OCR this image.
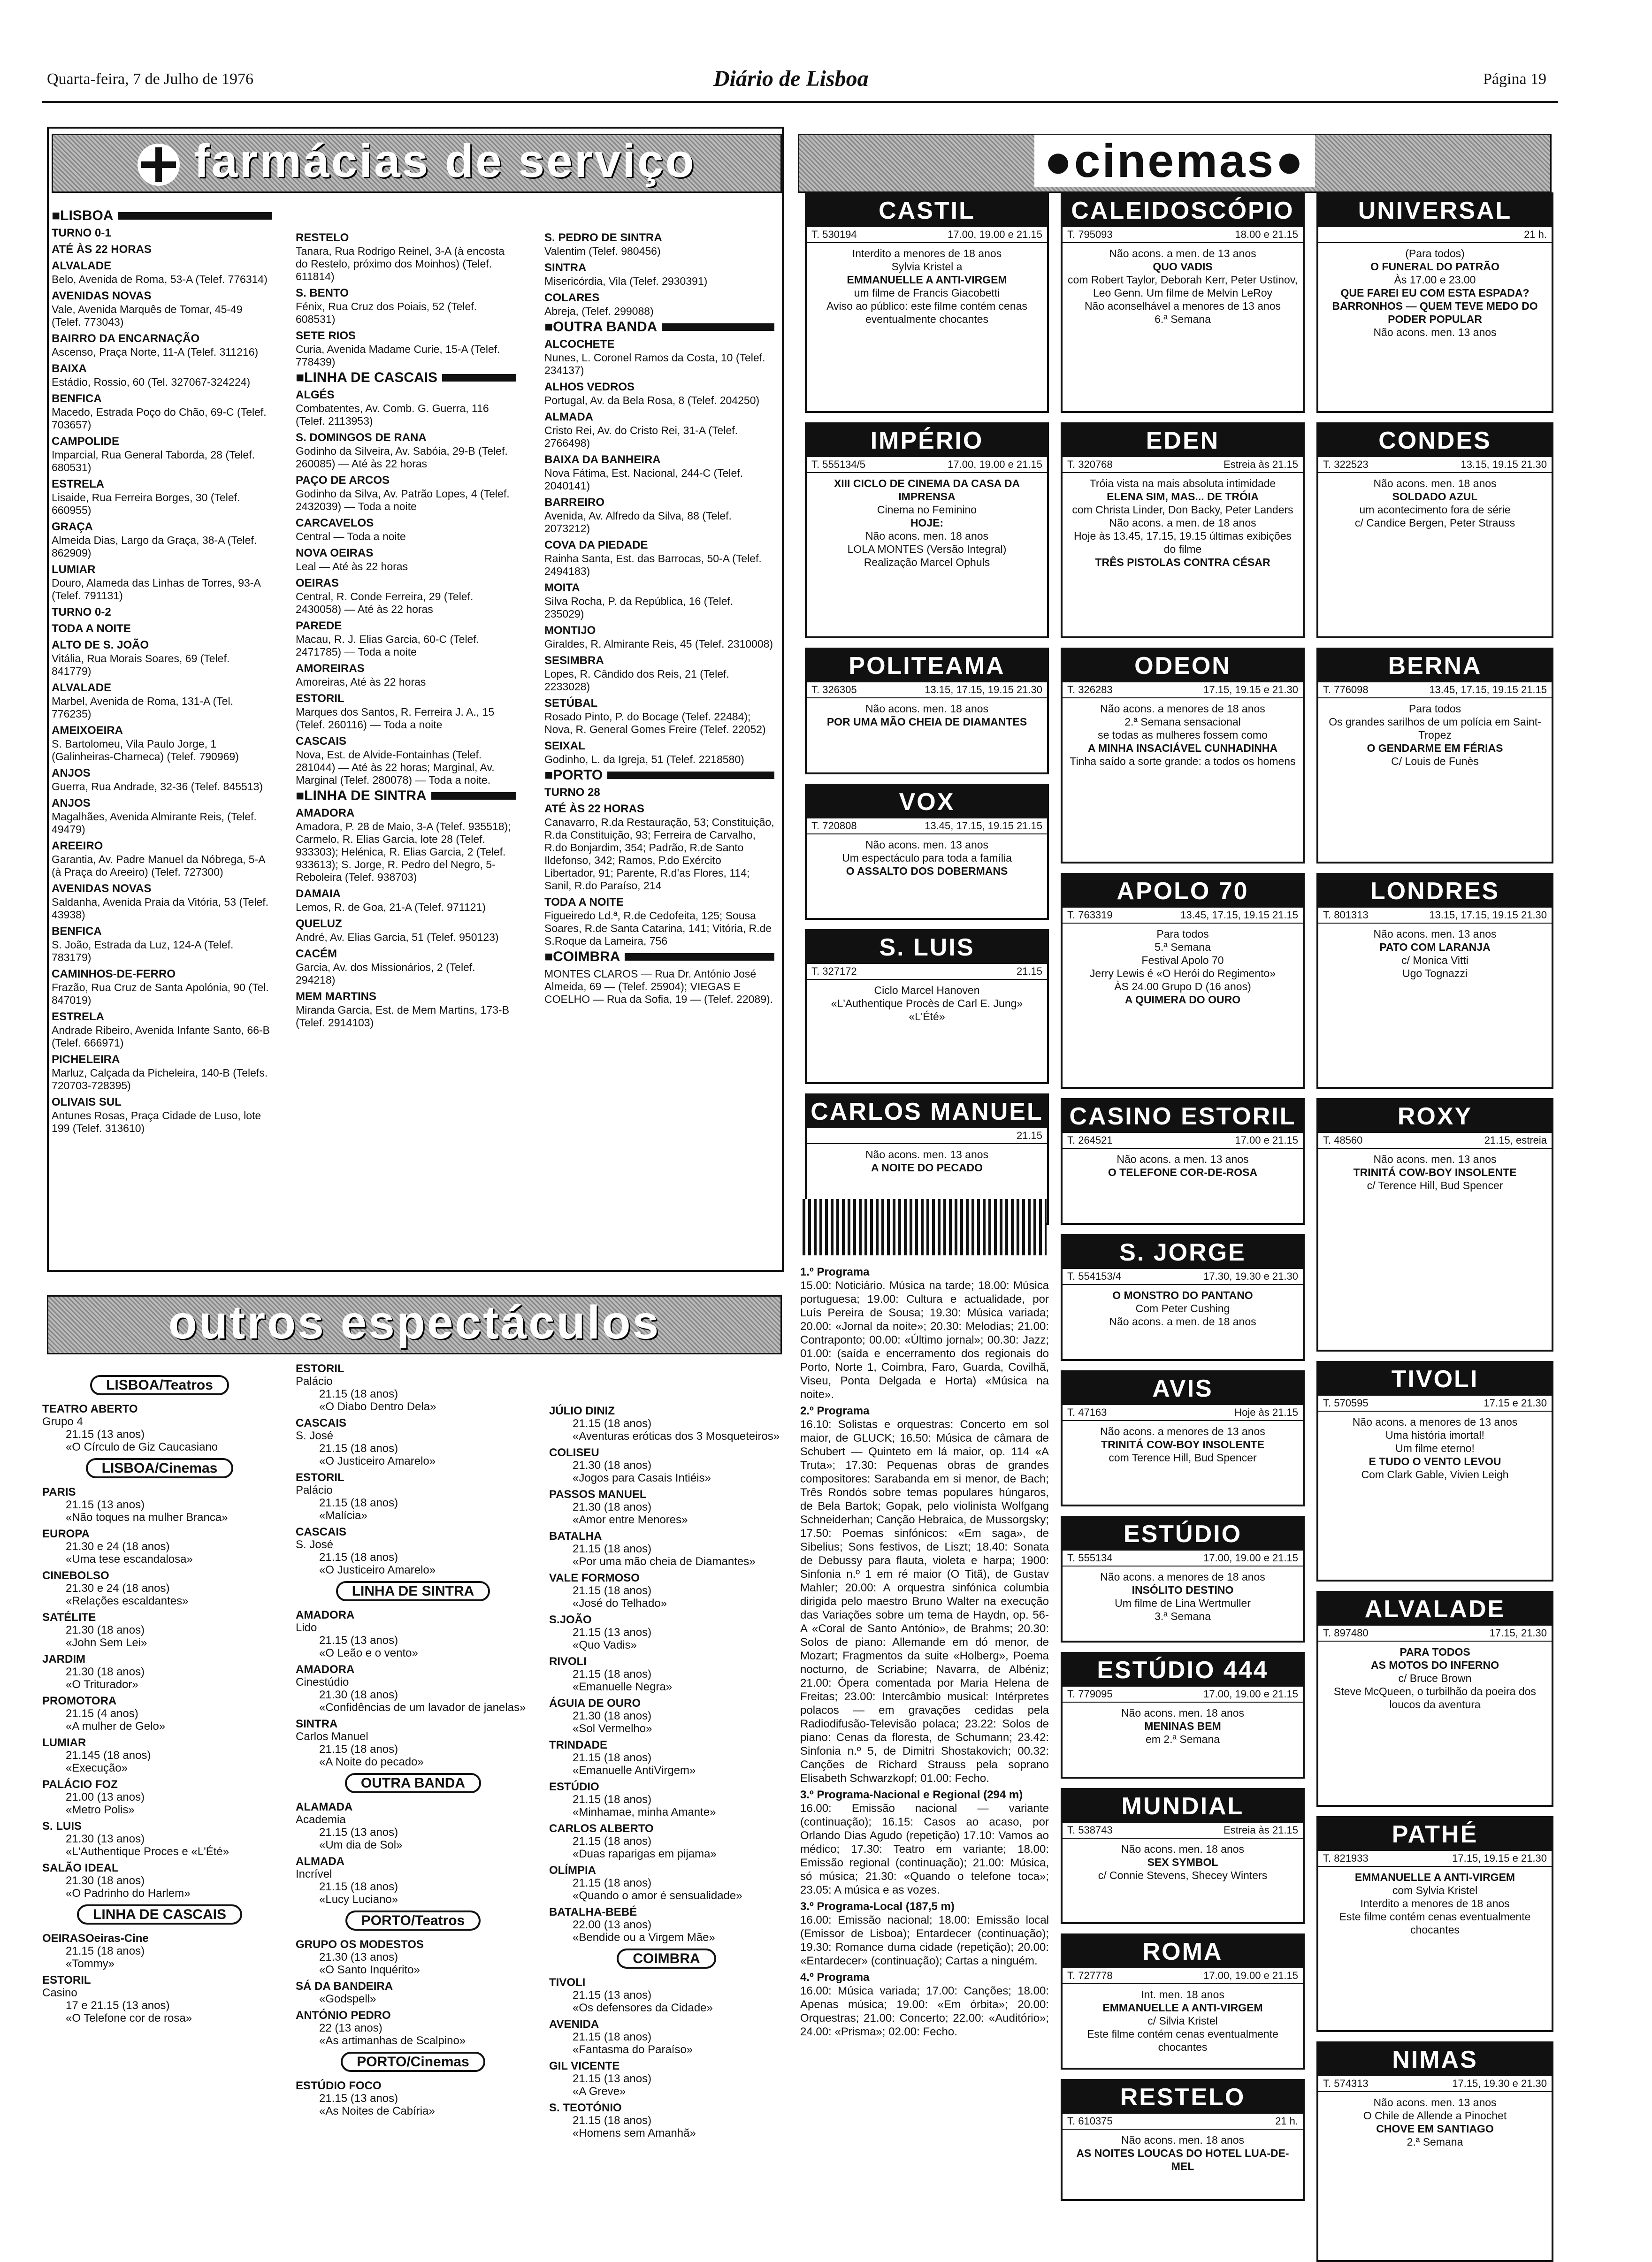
Quarta-feira, 7 de Julho de 1976	Diário de Lisboa	Página 19
farmácias de serviço
■ LISBOA
TURNO 0-1
ATÉ ÀS 22 HORAS
ALVALADE
Belo, Avenida de Roma, 53-A (Telef. 776314)
AVENIDAS NOVAS
Vale, Avenida Marquês de Tomar, 45-49 (Telef. 773043)
BAIRRO DA ENCARNAÇÃO
Ascenso, Praça Norte, 11-A (Telef. 311216)
BAIXA
Estádio, Rossio, 60 (Tel. 327067-324224)
BENFICA
Macedo, Estrada Poço do Chão, 69-C (Telef. 703657)
CAMPOLIDE
Imparcial, Rua General Taborda, 28 (Telef. 680531)
ESTRELA
Lisaide, Rua Ferreira Borges, 30 (Telef. 660955)
GRAÇA
Almeida Dias, Largo da Graça, 38-A (Telef. 862909)
LUMIAR
Douro, Alameda das Linhas de Torres, 93-A (Telef. 791131)
TURNO 0-2
TODA A NOITE
ALTO DE S. JOÃO
Vitália, Rua Morais Soares, 69 (Telef. 841779)
ALVALADE
Marbel, Avenida de Roma, 131-A (Tel. 776235)
AMEIXOEIRA
S. Bartolomeu, Vila Paulo Jorge, 1 (Galinheiras-Charneca) (Telef. 790969)
ANJOS
Guerra, Rua Andrade, 32-36 (Telef. 845513)
ANJOS
Magalhães, Avenida Almirante Reis, (Telef. 49479)
AREEIRO
Garantia, Av. Padre Manuel da Nóbrega, 5-A (à Praça do Areeiro) (Telef. 727300)
AVENIDAS NOVAS
Saldanha, Avenida Praia da Vitória, 53 (Telef. 43938)
BENFICA
S. João, Estrada da Luz, 124-A (Telef. 783179)
CAMINHOS-DE-FERRO
Frazão, Rua Cruz de Santa Apolónia, 90 (Tel. 847019)
ESTRELA
Andrade Ribeiro, Avenida Infante Santo, 66-B (Telef. 666971)
PICHELEIRA
Marluz, Calçada da Picheleira, 140-B (Telefs. 720703-728395)
OLIVAIS SUL
Antunes Rosas, Praça Cidade de Luso, lote 199 (Telef. 313610)
RESTELO
Tanara, Rua Rodrigo Reinel, 3-A (à encosta do Restelo, próximo dos Moinhos) (Telef. 611814)
S. BENTO
Fénix, Rua Cruz dos Poiais, 52 (Telef. 608531)
SETE RIOS
Curia, Avenida Madame Curie, 15-A (Telef. 778439)
■ LINHA DE CASCAIS
ALGÉS
Combatentes, Av. Comb. G. Guerra, 116 (Telef. 2113953)
S. DOMINGOS DE RANA
Godinho da Silveira, Av. Sabóia, 29-B (Telef. 260085) — Até às 22 horas
PAÇO DE ARCOS
Godinho da Silva, Av. Patrão Lopes, 4 (Telef. 2432039) — Toda a noite
CARCAVELOS
Central — Toda a noite
NOVA OEIRAS
Leal — Até às 22 horas
OEIRAS
Central, R. Conde Ferreira, 29 (Telef. 2430058) — Até às 22 horas
PAREDE
Macau, R. J. Elias Garcia, 60-C (Telef. 2471785) — Toda a noite
AMOREIRAS
Amoreiras, Até às 22 horas
ESTORIL
Marques dos Santos, R. Ferreira J. A., 15 (Telef. 260116) — Toda a noite
CASCAIS
Nova, Est. de Alvide-Fontainhas (Telef. 281044) — Até às 22 horas; Marginal, Av. Marginal (Telef. 280078) — Toda a noite.
■ LINHA DE SINTRA
AMADORA
Amadora, P. 28 de Maio, 3-A (Telef. 935518); Carmelo, R. Elias Garcia, lote 28 (Telef. 933303); Helénica, R. Elias Garcia, 2 (Telef. 933613); S. Jorge, R. Pedro del Negro, 5-Reboleira (Telef. 938703)
DAMAIA
Lemos, R. de Goa, 21-A (Telef. 971121)
QUELUZ
André, Av. Elias Garcia, 51 (Telef. 950123)
CACÉM
Garcia, Av. dos Missionários, 2 (Telef. 294218)
MEM MARTINS
Miranda Garcia, Est. de Mem Martins, 173-B (Telef. 2914103)
S. PEDRO DE SINTRA
Valentim (Telef. 980456)
SINTRA
Misericórdia, Vila (Telef. 2930391)
COLARES
Abreja, (Telef. 299088)
■ OUTRA BANDA
ALCOCHETE
Nunes, L. Coronel Ramos da Costa, 10 (Telef. 234137)
ALHOS VEDROS
Portugal, Av. da Bela Rosa, 8 (Telef. 204250)
ALMADA
Cristo Rei, Av. do Cristo Rei, 31-A (Telef. 2766498)
BAIXA DA BANHEIRA
Nova Fátima, Est. Nacional, 244-C (Telef. 2040141)
BARREIRO
Avenida, Av. Alfredo da Silva, 88 (Telef. 2073212)
COVA DA PIEDADE
Rainha Santa, Est. das Barrocas, 50-A (Telef. 2494183)
MOITA
Silva Rocha, P. da República, 16 (Telef. 235029)
MONTIJO
Giraldes, R. Almirante Reis, 45 (Telef. 2310008)
SESIMBRA
Lopes, R. Cândido dos Reis, 21 (Telef. 2233028)
SETÚBAL
Rosado Pinto, P. do Bocage (Telef. 22484); Nova, R. General Gomes Freire (Telef. 22052)
SEIXAL
Godinho, L. da Igreja, 51 (Telef. 2218580)
■ PORTO
TURNO 28
ATÉ ÀS 22 HORAS
Canavarro, R.da Restauração, 53; Constituição, R.da Constituição, 93; Ferreira de Carvalho, R.do Bonjardim, 354; Padrão, R.de Santo Ildefonso, 342; Ramos, P.do Exército Libertador, 91; Parente, R.d'as Flores, 114; Sanil, R.do Paraíso, 214
TODA A NOITE
Figueiredo Ld.ª, R.de Cedofeita, 125; Sousa Soares, R.de Santa Catarina, 141; Vitória, R.de S.Roque da Lameira, 756
■ COIMBRA
MONTES CLAROS — Rua Dr. António José Almeida, 69 — (Telef. 25904); VIEGAS E COELHO — Rua da Sofia, 19 — (Telef. 22089).
●cinemas●
CASTIL
T. 530194	17.00, 19.00 e 21.15
Interdito a menores de 18 anos
Sylvia Kristel a
EMMANUELLE A ANTI-VIRGEM
um filme de Francis Giacobetti
Aviso ao público: este filme contém cenas eventualmente chocantes
IMPÉRIO
T. 555134/5	17.00, 19.00 e 21.15
XIII CICLO DE CINEMA DA CASA DA IMPRENSA
Cinema no Feminino
HOJE:
Não acons. men. 18 anos
LOLA MONTES (Versão Integral)
Realização Marcel Ophuls
POLITEAMA
T. 326305	13.15, 17.15, 19.15 21.30
Não acons. men. 18 anos
POR UMA MÃO CHEIA DE DIAMANTES
VOX
T. 720808	13.45, 17.15, 19.15 21.15
Não acons. men. 13 anos
Um espectáculo para toda a família
O ASSALTO DOS DOBERMANS
S. LUIS
T. 327172	21.15
Ciclo Marcel Hanoven
«L'Authentique Procès de Carl E. Jung»
«L'Été»
CARLOS MANUEL
21.15
Não acons. men. 13 anos
A NOITE DO PECADO
CALEIDOSCÓPIO
T. 795093	18.00 e 21.15
Não acons. a men. de 13 anos
QUO VADIS
com Robert Taylor, Deborah Kerr, Peter Ustinov, Leo Genn. Um filme de Melvin LeRoy
Não aconselhável a menores de 13 anos
6.ª Semana
EDEN
T. 320768	Estreia às 21.15
Tróia vista na mais absoluta intimidade
ELENA SIM, MAS... DE TRÓIA
com Christa Linder, Don Backy, Peter Landers
Não acons. a men. de 18 anos
Hoje às 13.45, 17.15, 19.15 últimas exibições do filme
TRÊS PISTOLAS CONTRA CÉSAR
ODEON
T. 326283	17.15, 19.15 e 21.30
Não acons. a menores de 18 anos
2.ª Semana sensacional
se todas as mulheres fossem como
A MINHA INSACIÁVEL CUNHADINHA
Tinha saído a sorte grande: a todos os homens
APOLO 70
T. 763319	13.45, 17.15, 19.15 21.15
Para todos
5.ª Semana
Festival Apolo 70
Jerry Lewis é «O Herói do Regimento»
ÀS 24.00 Grupo D (16 anos)
A QUIMERA DO OURO
CASINO ESTORIL
T. 264521	17.00 e 21.15
Não acons. a men. 13 anos
O TELEFONE COR-DE-ROSA
S. JORGE
T. 554153/4	17.30, 19.30 e 21.30
O MONSTRO DO PANTANO
Com Peter Cushing
Não acons. a men. de 18 anos
AVIS
T. 47163	Hoje às 21.15
Não acons. a menores de 13 anos
TRINITÁ COW-BOY INSOLENTE
com Terence Hill, Bud Spencer
ESTÚDIO
T. 555134	17.00, 19.00 e 21.15
Não acons. a menores de 18 anos
INSÓLITO DESTINO
Um filme de Lina Wertmuller
3.ª Semana
ESTÚDIO 444
T. 779095	17.00, 19.00 e 21.15
Não acons. men. 18 anos
MENINAS BEM
em 2.ª Semana
MUNDIAL
T. 538743	Estreia às 21.15
Não acons. men. 18 anos
SEX SYMBOL
c/ Connie Stevens, Shecey Winters
ROMA
T. 727778	17.00, 19.00 e 21.15
Int. men. 18 anos
EMMANUELLE A ANTI-VIRGEM
c/ Silvia Kristel
Este filme contém cenas eventualmente chocantes
RESTELO
T. 610375	21 h.
Não acons. men. 18 anos
AS NOITES LOUCAS DO HOTEL LUA-DE-MEL
UNIVERSAL
21 h.
(Para todos)
O FUNERAL DO PATRÃO
Às 17.00 e 23.00
QUE FAREI EU COM ESTA ESPADA?
BARRONHOS — QUEM TEVE MEDO DO PODER POPULAR
Não acons. men. 13 anos
CONDES
T. 322523	13.15, 19.15 21.30
Não acons. men. 18 anos
SOLDADO AZUL
um acontecimento fora de série
c/ Candice Bergen, Peter Strauss
BERNA
T. 776098	13.45, 17.15, 19.15 21.15
Para todos
Os grandes sarilhos de um polícia em Saint-Tropez
O GENDARME EM FÉRIAS
C/ Louis de Funès
LONDRES
T. 801313	13.15, 17.15, 19.15 21.30
Não acons. men. 13 anos
PATO COM LARANJA
c/ Monica Vitti
Ugo Tognazzi
ROXY
T. 48560	21.15, estreia
Não acons. men. 13 anos
TRINITÁ COW-BOY INSOLENTE
c/ Terence Hill, Bud Spencer
TIVOLI
T. 570595	17.15 e 21.30
Não acons. a menores de 13 anos
Uma história imortal!
Um filme eterno!
E TUDO O VENTO LEVOU
Com Clark Gable, Vivien Leigh
ALVALADE
T. 897480	17.15, 21.30
PARA TODOS
AS MOTOS DO INFERNO
c/ Bruce Brown
Steve McQueen, o turbilhão da poeira dos loucos da aventura
PATHÉ
T. 821933	17.15, 19.15 e 21.30
EMMANUELLE A ANTI-VIRGEM
com Sylvia Kristel
Interdito a menores de 18 anos
Este filme contém cenas eventualmente chocantes
NIMAS
T. 574313	17.15, 19.30 e 21.30
Não acons. men. 13 anos
O Chile de Allende a Pinochet
CHOVE EM SANTIAGO
2.ª Semana
1.º Programa
15.00: Noticiário. Música na tarde; 18.00: Música portuguesa; 19.00: Cultura e actualidade, por Luís Pereira de Sousa; 19.30: Música variada; 20.00: «Jornal da noite»; 20.30: Melodias; 21.00: Contraponto; 00.00: «Último jornal»; 00.30: Jazz; 01.00: (saída e encerramento dos regionais do Porto, Norte 1, Coimbra, Faro, Guarda, Covilhã, Viseu, Ponta Delgada e Horta) «Música na noite».
2.º Programa
16.10: Solistas e orquestras: Concerto em sol maior, de GLUCK; 16.50: Música de câmara de Schubert — Quinteto em lá maior, op. 114 «A Truta»; 17.30: Pequenas obras de grandes compositores: Sarabanda em si menor, de Bach; Três Rondós sobre temas populares húngaros, de Bela Bartok; Gopak, pelo violinista Wolfgang Schneiderhan; Canção Hebraica, de Mussorgsky; 17.50: Poemas sinfónicos: «Em saga», de Sibelius; Sons festivos, de Liszt; 18.40: Sonata de Debussy para flauta, violeta e harpa; 1900: Sinfonia n.º 1 em ré maior (O Titã), de Gustav Mahler; 20.00: A orquestra sinfónica columbia dirigida pelo maestro Bruno Walter na execução das Variações sobre um tema de Haydn, op. 56-A «Coral de Santo António», de Brahms; 20.30: Solos de piano: Allemande em dó menor, de Mozart; Fragmentos da suite «Holberg», Poema nocturno, de Scriabine; Navarra, de Albéniz; 21.00: Ópera comentada por Maria Helena de Freitas; 23.00: Intercâmbio musical: Intérpretes polacos — em gravações cedidas pela Radiodifusão-Televisão polaca; 23.22: Solos de piano: Cenas da floresta, de Schumann; 23.42: Sinfonia n.º 5, de Dimitri Shostakovich; 00.32: Canções de Richard Strauss pela soprano Elisabeth Schwarzkopf; 01.00: Fecho.
3.º Programa-Nacional e Regional (294 m)
16.00: Emissão nacional — variante (continuação); 16.15: Casos ao acaso, por Orlando Dias Agudo (repetição) 17.10: Vamos ao médico; 17.30: Teatro em variante; 18.00: Emissão regional (continuação); 21.00: Música, só música; 21.30: «Quando o telefone toca»; 23.05: A música e as vozes.
3.º Programa-Local (187,5 m)
16.00: Emissão nacional; 18.00: Emissão local (Emissor de Lisboa); Entardecer (continuação); 19.30: Romance duma cidade (repetição); 20.00: «Entardecer» (continuação); Cartas a ninguém.
4.º Programa
16.00: Música variada; 17.00: Canções; 18.00: Apenas música; 19.00: «Em órbita»; 20.00: Orquestras; 21.00: Concerto; 22.00: «Auditório»; 24.00: «Prisma»; 02.00: Fecho.
outros espectáculos
LISBOA/Teatros
TEATRO ABERTO
Grupo 4
21.15 (13 anos)
«O Círculo de Giz Caucasiano
LISBOA/Cinemas
PARIS
21.15 (13 anos)
«Não toques na mulher Branca»
EUROPA
21.30 e 24 (18 anos)
«Uma tese escandalosa»
CINEBOLSO
21.30 e 24 (18 anos)
«Relações escaldantes»
SATÉLITE
21.30 (18 anos)
«John Sem Lei»
JARDIM
21.30 (18 anos)
«O Triturador»
PROMOTORA
21.15 (4 anos)
«A mulher de Gelo»
LUMIAR
21.145 (18 anos)
«Execução»
PALÁCIO FOZ
21.00 (13 anos)
«Metro Polis»
S. LUIS
21.30 (13 anos)
«L'Authentique Proces e «L'Été»
SALÃO IDEAL
21.30 (18 anos)
«O Padrinho do Harlem»
LINHA DE CASCAIS
OEIRASOeiras-Cine
21.15 (18 anos)
«Tommy»
ESTORIL
Casino
17 e 21.15 (13 anos)
«O Telefone cor de rosa»
ESTORIL
Palácio
21.15 (18 anos)
«O Diabo Dentro Dela»
CASCAIS
S. José
21.15 (18 anos)
«O Justiceiro Amarelo»
ESTORIL
Palácio
21.15 (18 anos)
«Malícia»
CASCAIS
S. José
21.15 (18 anos)
«O Justiceiro Amarelo»
LINHA DE SINTRA
AMADORA
Lido
21.15 (13 anos)
«O Leão e o vento»
AMADORA
Cinestúdio
21.30 (18 anos)
«Confidências de um lavador de janelas»
SINTRA
Carlos Manuel
21.15 (18 anos)
«A Noite do pecado»
OUTRA BANDA
ALAMADA
Academia
21.15 (13 anos)
«Um dia de Sol»
ALMADA
Incrível
21.15 (18 anos)
«Lucy Luciano»
PORTO/Teatros
GRUPO OS MODESTOS
21.30 (13 anos)
«O Santo Inquérito»
SÁ DA BANDEIRA
«Godspell»
ANTÓNIO PEDRO
22 (13 anos)
«As artimanhas de Scalpino»
PORTO/Cinemas
ESTÚDIO FOCO
21.15 (13 anos)
«As Noites de Cabíria»
JÚLIO DINIZ
21.15 (18 anos)
«Aventuras eróticas dos 3 Mosqueteiros»
COLISEU
21.30 (18 anos)
«Jogos para Casais Intiéis»
PASSOS MANUEL
21.30 (18 anos)
«Amor entre Menores»
BATALHA
21.15 (18 anos)
«Por uma mão cheia de Diamantes»
VALE FORMOSO
21.15 (18 anos)
«José do Telhado»
S.JOÃO
21.15 (13 anos)
«Quo Vadis»
RIVOLI
21.15 (18 anos)
«Emanuelle Negra»
ÁGUIA DE OURO
21.30 (18 anos)
«Sol Vermelho»
TRINDADE
21.15 (18 anos)
«Emanuelle AntiVirgem»
ESTÚDIO
21.15 (18 anos)
«Minhamae, minha Amante»
CARLOS ALBERTO
21.15 (18 anos)
«Duas raparigas em pijama»
OLÍMPIA
21.15 (18 anos)
«Quando o amor é sensualidade»
BATALHA-BEBÉ
22.00 (13 anos)
«Bendide ou a Virgem Mãe»
COIMBRA
TIVOLI
21.15 (13 anos)
«Os defensores da Cidade»
AVENIDA
21.15 (18 anos)
«Fantasma do Paraíso»
GIL VICENTE
21.15 (13 anos)
«A Greve»
S. TEOTÓNIO
21.15 (18 anos)
«Homens sem Amanhã»
